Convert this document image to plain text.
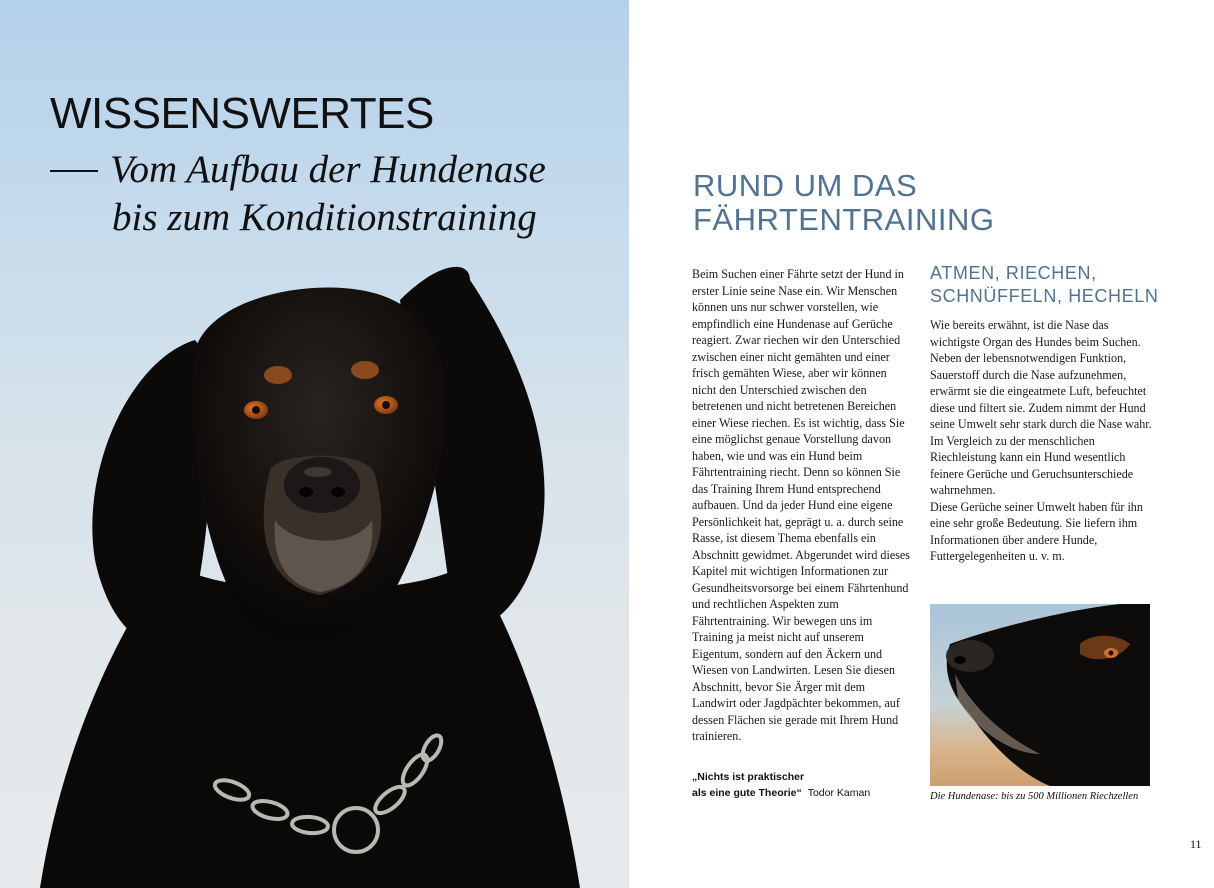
WISSENSWERTES
Vom Aufbau der Hundenase
bis zum Konditionstraining
RUND UM DAS FÄHRTENTRAINING

Beim Suchen einer Fährte setzt der Hund in erster Linie seine Nase ein. Wir Menschen können uns nur schwer vorstellen, wie empfindlich eine Hundenase auf Gerüche reagiert. Zwar riechen wir den Unterschied zwischen einer nicht gemähten und einer frisch gemähten Wiese, aber wir können nicht den Unterschied zwischen den betretenen und nicht betretenen Bereichen einer Wiese riechen. Es ist wichtig, dass Sie eine möglichst genaue Vorstellung davon haben, wie und was ein Hund beim Fährtentraining riecht. Denn so können Sie das Training Ihrem Hund entsprechend aufbauen. Und da jeder Hund eine eigene Persönlichkeit hat, geprägt u. a. durch seine Rasse, ist diesem Thema ebenfalls ein Abschnitt gewidmet. Abgerundet wird dieses Kapitel mit wichtigen Informationen zur Gesundheitsvorsorge bei einem Fährtenhund und rechtlichen Aspekten zum Fährtentraining. Wir bewegen uns im Training ja meist nicht auf unserem Eigentum, sondern auf den Äckern und Wiesen von Landwirten. Lesen Sie diesen Abschnitt, bevor Sie Ärger mit dem Landwirt oder Jagdpächter bekommen, auf dessen Flächen sie gerade mit Ihrem Hund trainieren.

„Nichts ist praktischer
als eine gute Theorie“ Todor Kaman
ATMEN, RIECHEN,
SCHNÜFFELN, HECHELN

Wie bereits erwähnt, ist die Nase das wichtigste Organ des Hundes beim Suchen. Neben der lebensnotwendigen Funktion, Sauerstoff durch die Nase aufzunehmen, erwärmt sie die eingeatmete Luft, befeuchtet diese und filtert sie. Zudem nimmt der Hund seine Umwelt sehr stark durch die Nase wahr. Im Vergleich zu der menschlichen Riechleistung kann ein Hund wesentlich feinere Gerüche und Geruchsunterschiede wahrnehmen.

Diese Gerüche seiner Umwelt haben für ihn eine sehr große Bedeutung. Sie liefern ihm Informationen über andere Hunde, Futtergelegenheiten u. v. m.

Die Hundenase: bis zu 500 Millionen Riechzellen
11
